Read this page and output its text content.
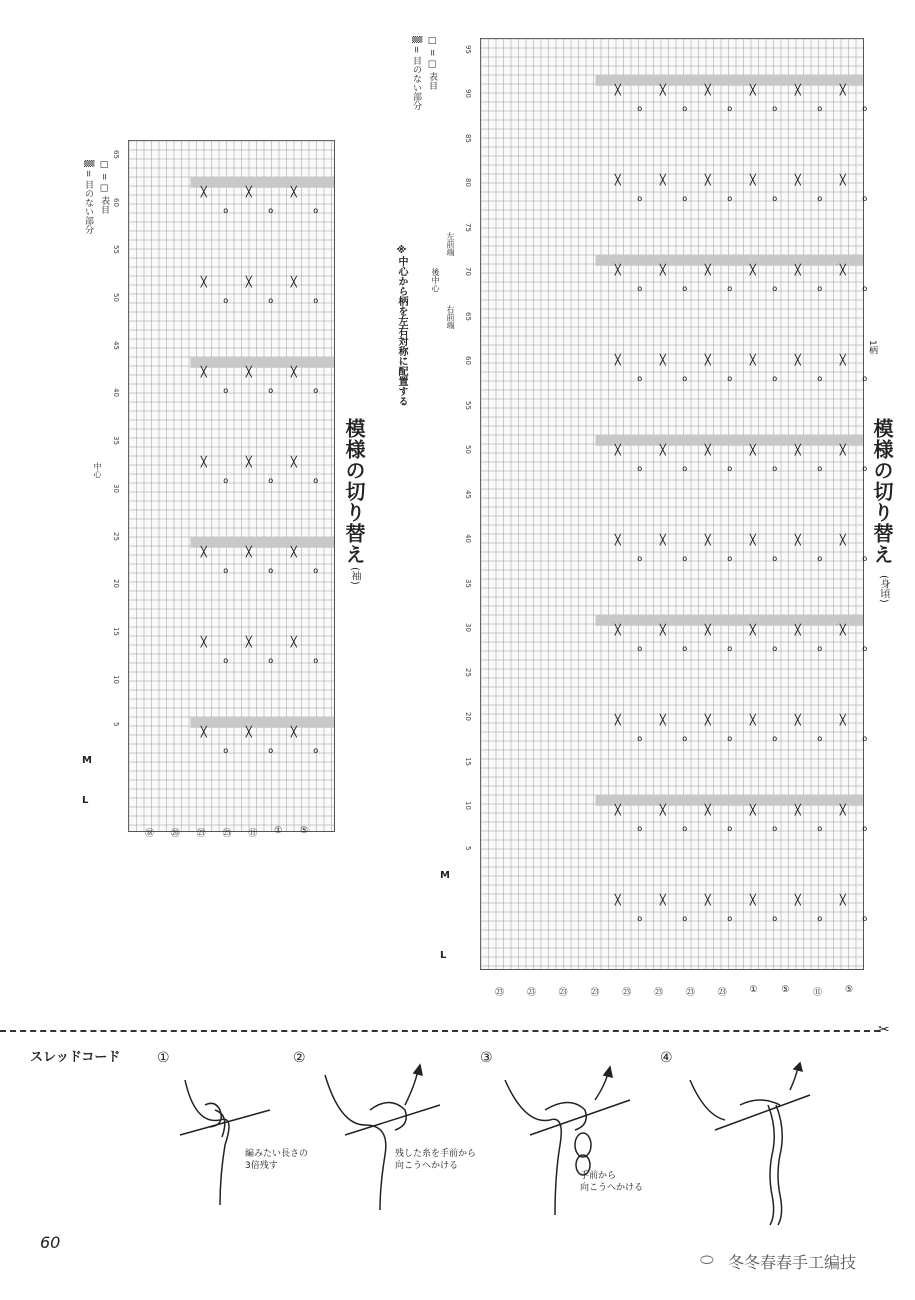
模様の切り替え
(袖)
□ = □ 表目
▒ = 目のない部分
中心
M
L
╳
o
╳
o
╳
o
╳
o
╳
o
╳
o
╳
o
╳
o
╳
o
╳
o
╳
o
╳
o
╳
o
╳
o
╳
o
╳
o
╳
o
╳
o
╳
o
╳
o
╳
o
5
10
15
20
25
30
35
40
45
50
55
60
65
⑱ ⑳ ㉓ ㉕ ⑪ ① ⑤
模様の切り替え
(身頃)
□ = □ 表目
▒ = 目のない部分
※中心から柄を左右対称に配置する
左前端
後中心
右前端
1柄
M
L
╳
o
╳
o
╳
o
╳
o
╳
o
╳
o
╳
o
╳
o
╳
o
╳
o
╳
o
╳
o
╳
o
╳
o
╳
o
╳
o
╳
o
╳
o
╳
o
╳
o
╳
o
╳
o
╳
o
╳
o
╳
o
╳
o
╳
o
╳
o
╳
o
╳
o
╳
o
╳
o
╳
o
╳
o
╳
o
╳
o
╳
o
╳
o
╳
o
╳
o
╳
o
╳
o
╳
o
╳
o
╳
o
╳
o
╳
o
╳
o
╳
o
╳
o
╳
o
╳
o
╳
o
╳
o
╳
o
╳
o
╳
o
╳
o
╳
o
╳
o
5
10
15
20
25
30
35
40
45
50
55
60
65
70
75
80
85
90
95
㉓	㉓	㉓	㉓	㉓	㉓	㉓	㉓	①	⑤	⑪	⑤
✂
スレッドコード	①	②	③	④
編みたい長さの
3倍残す
残した糸を手前から
向こうへかける
手前から
向こうへかける
60
⬭ 冬冬春春手工编技
